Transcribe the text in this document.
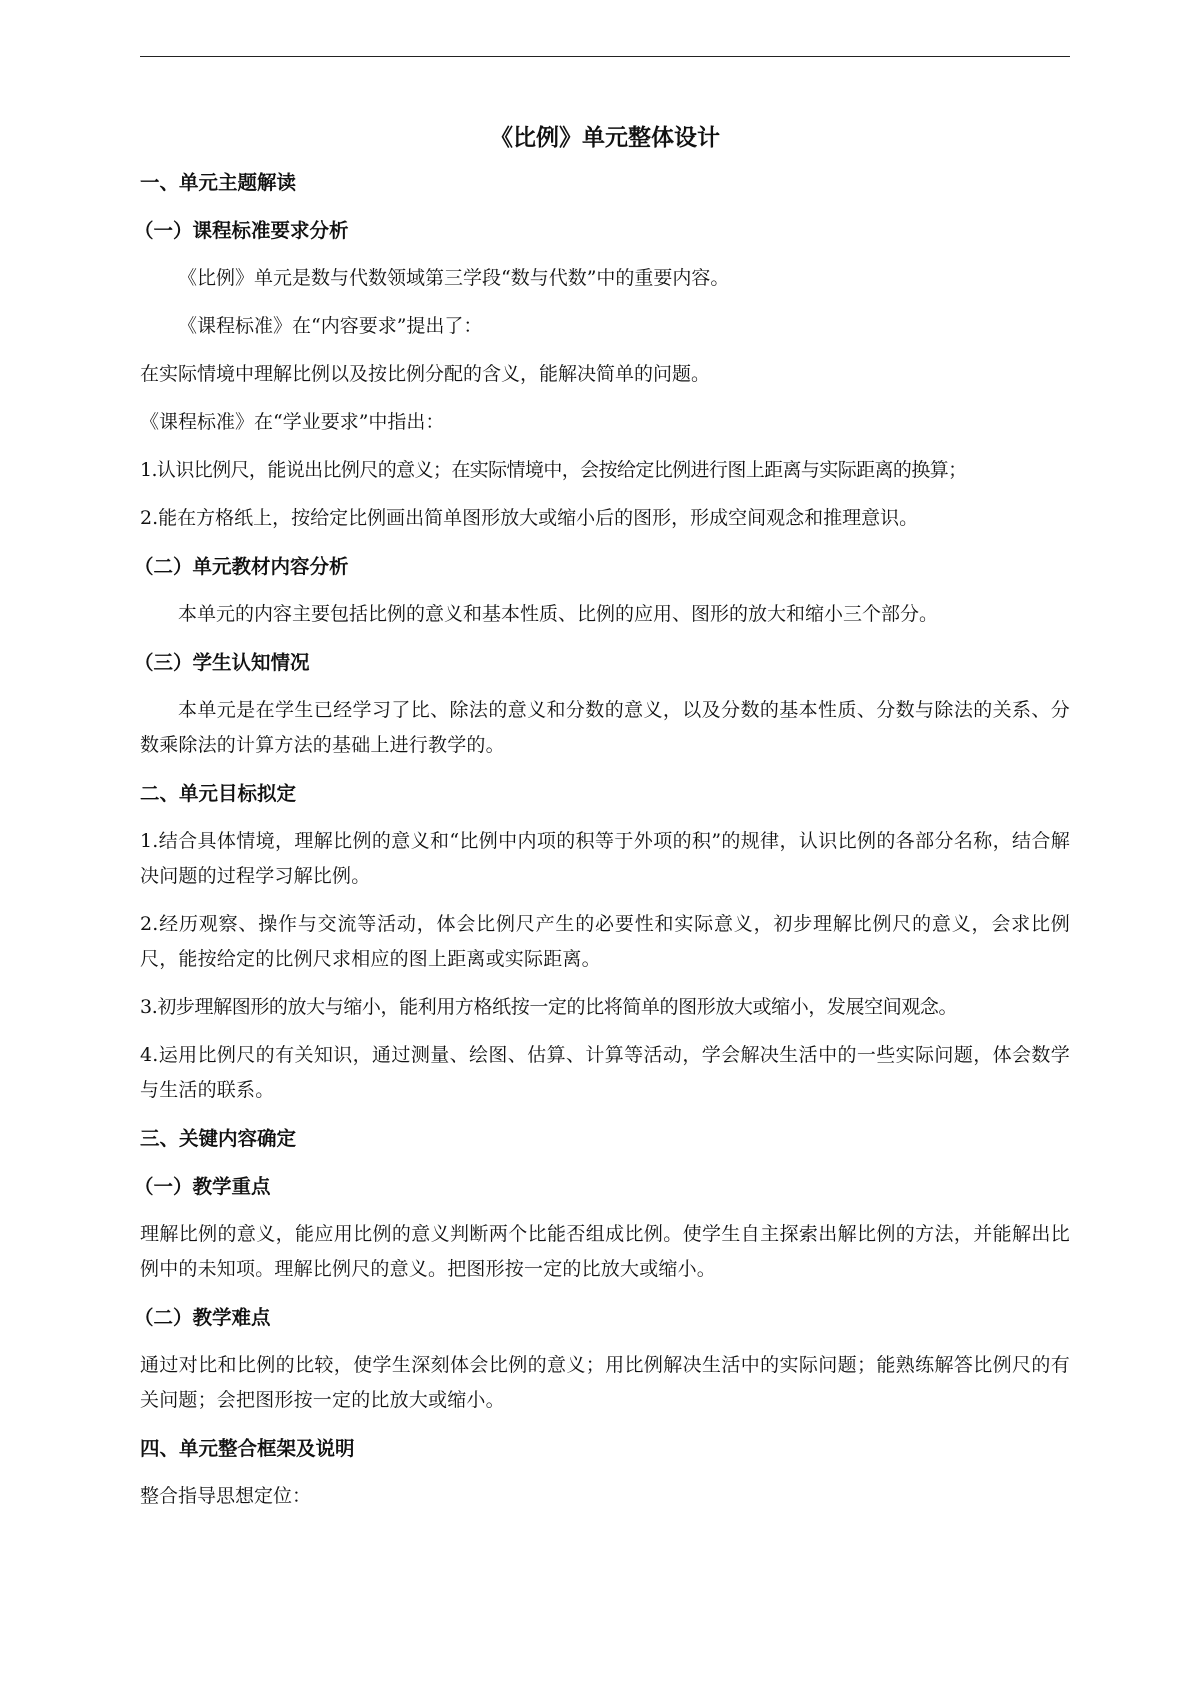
《比例》单元整体设计
一、单元主题解读
（一）课程标准要求分析

《比例》单元是数与代数领域第三学段“数与代数”中的重要内容。

《课程标准》在“内容要求”提出了：

在实际情境中理解比例以及按比例分配的含义，能解决简单的问题。

《课程标准》在“学业要求”中指出：

1.认识比例尺，能说出比例尺的意义；在实际情境中，会按给定比例进行图上距离与实际距离的换算；

2.能在方格纸上，按给定比例画出简单图形放大或缩小后的图形，形成空间观念和推理意识。

（二）单元教材内容分析

本单元的内容主要包括比例的意义和基本性质、比例的应用、图形的放大和缩小三个部分。

（三）学生认知情况

本单元是在学生已经学习了比、除法的意义和分数的意义，以及分数的基本性质、分数与除法的关系、分数乘除法的计算方法的基础上进行教学的。

二、单元目标拟定

1.结合具体情境，理解比例的意义和“比例中内项的积等于外项的积”的规律，认识比例的各部分名称，结合解决问题的过程学习解比例。

2.经历观察、操作与交流等活动，体会比例尺产生的必要性和实际意义，初步理解比例尺的意义，会求比例尺，能按给定的比例尺求相应的图上距离或实际距离。

3.初步理解图形的放大与缩小，能利用方格纸按一定的比将简单的图形放大或缩小，发展空间观念。

4.运用比例尺的有关知识，通过测量、绘图、估算、计算等活动，学会解决生活中的一些实际问题，体会数学与生活的联系。

三、关键内容确定
（一）教学重点

理解比例的意义，能应用比例的意义判断两个比能否组成比例。使学生自主探索出解比例的方法，并能解出比例中的未知项。理解比例尺的意义。把图形按一定的比放大或缩小。

（二）教学难点

通过对比和比例的比较，使学生深刻体会比例的意义；用比例解决生活中的实际问题；能熟练解答比例尺的有关问题；会把图形按一定的比放大或缩小。

四、单元整合框架及说明

整合指导思想定位：
